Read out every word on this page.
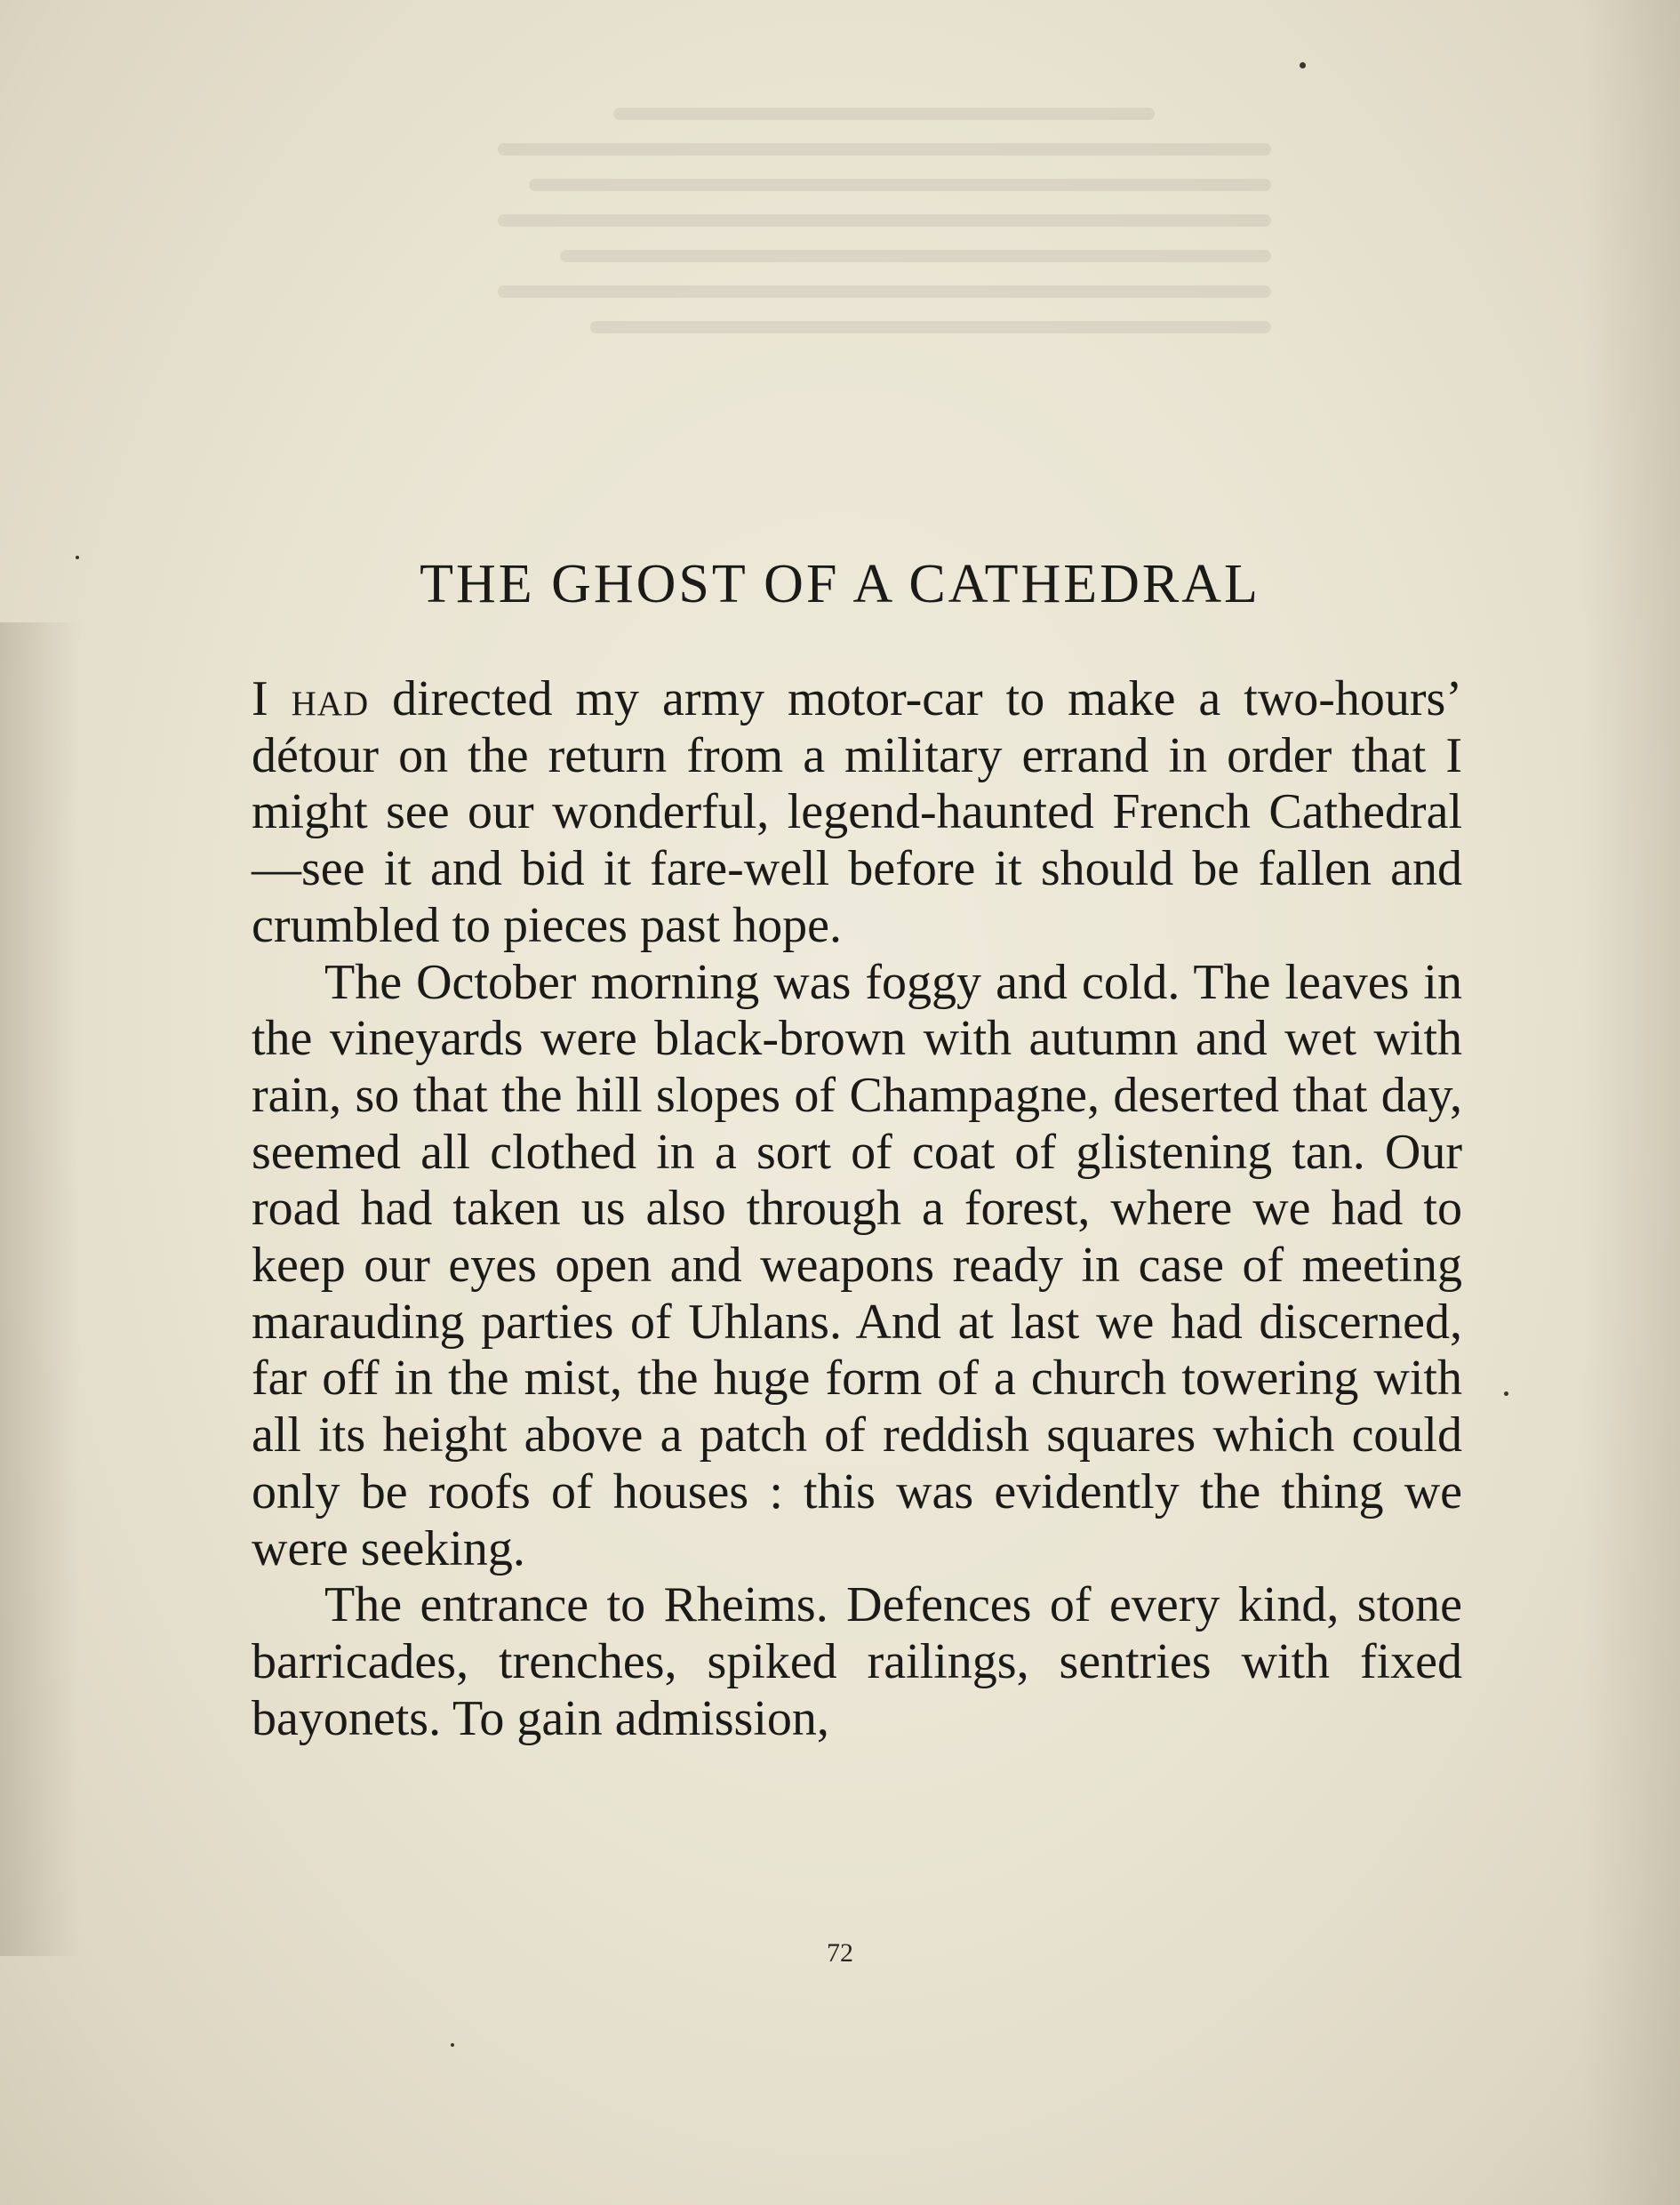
THE GHOST OF A CATHEDRAL

I had directed my army motor-car to make a two-hours’ détour on the return from a military errand in order that I might see our wonderful, legend-haunted French Cathedral—see it and bid it fare-well before it should be fallen and crumbled to pieces past hope.

The October morning was foggy and cold. The leaves in the vineyards were black-brown with autumn and wet with rain, so that the hill slopes of Champagne, deserted that day, seemed all clothed in a sort of coat of glistening tan. Our road had taken us also through a forest, where we had to keep our eyes open and weapons ready in case of meeting marauding parties of Uhlans. And at last we had discerned, far off in the mist, the huge form of a church towering with all its height above a patch of reddish squares which could only be roofs of houses : this was evidently the thing we were seeking.

The entrance to Rheims. Defences of every kind, stone barricades, trenches, spiked railings, sentries with fixed bayonets. To gain admission,

72
